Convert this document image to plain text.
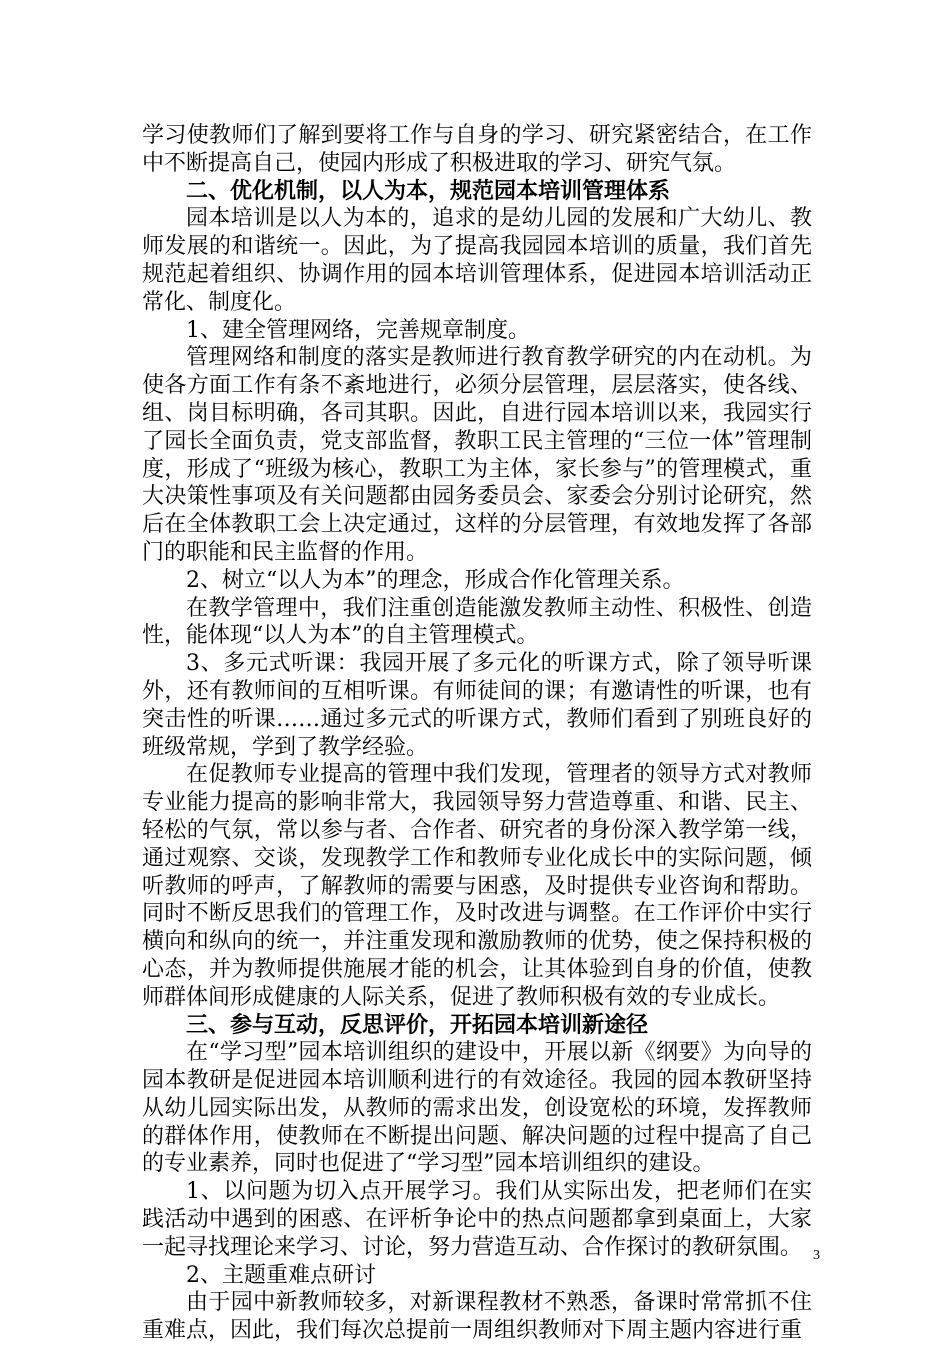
学习使教师们了解到要将工作与自身的学习、研究紧密结合，在工作中不断提高自己，使园内形成了积极进取的学习、研究气氛。

二、优化机制，以人为本，规范园本培训管理体系

园本培训是以人为本的，追求的是幼儿园的发展和广大幼儿、教师发展的和谐统一。因此，为了提高我园园本培训的质量，我们首先规范起着组织、协调作用的园本培训管理体系，促进园本培训活动正常化、制度化。

1、建全管理网络，完善规章制度。

管理网络和制度的落实是教师进行教育教学研究的内在动机。为使各方面工作有条不紊地进行，必须分层管理，层层落实，使各线、组、岗目标明确，各司其职。因此，自进行园本培训以来，我园实行了园长全面负责，党支部监督，教职工民主管理的“三位一体”管理制度，形成了“班级为核心，教职工为主体，家长参与”的管理模式，重大决策性事项及有关问题都由园务委员会、家委会分别讨论研究，然后在全体教职工会上决定通过，这样的分层管理，有效地发挥了各部门的职能和民主监督的作用。

2、树立“以人为本”的理念，形成合作化管理关系。

在教学管理中，我们注重创造能激发教师主动性、积极性、创造性，能体现“以人为本”的自主管理模式。

3、多元式听课：我园开展了多元化的听课方式，除了领导听课外，还有教师间的互相听课。有师徒间的课；有邀请性的听课，也有突击性的听课……通过多元式的听课方式，教师们看到了别班良好的班级常规，学到了教学经验。

在促教师专业提高的管理中我们发现，管理者的领导方式对教师专业能力提高的影响非常大，我园领导努力营造尊重、和谐、民主、轻松的气氛，常以参与者、合作者、研究者的身份深入教学第一线，通过观察、交谈，发现教学工作和教师专业化成长中的实际问题，倾听教师的呼声，了解教师的需要与困惑，及时提供专业咨询和帮助。同时不断反思我们的管理工作，及时改进与调整。在工作评价中实行横向和纵向的统一，并注重发现和激励教师的优势，使之保持积极的心态，并为教师提供施展才能的机会，让其体验到自身的价值，使教师群体间形成健康的人际关系，促进了教师积极有效的专业成长。

三、参与互动，反思评价，开拓园本培训新途径

在“学习型”园本培训组织的建设中，开展以新《纲要》为向导的园本教研是促进园本培训顺利进行的有效途径。我园的园本教研坚持从幼儿园实际出发，从教师的需求出发，创设宽松的环境，发挥教师的群体作用，使教师在不断提出问题、解决问题的过程中提高了自己的专业素养，同时也促进了“学习型”园本培训组织的建设。

1、以问题为切入点开展学习。我们从实际出发，把老师们在实践活动中遇到的困惑、在评析争论中的热点问题都拿到桌面上，大家一起寻找理论来学习、讨论，努力营造互动、合作探讨的教研氛围。

2、主题重难点研讨

由于园中新教师较多，对新课程教材不熟悉，备课时常常抓不住重难点，因此，我们每次总提前一周组织教师对下周主题内容进行重

3
